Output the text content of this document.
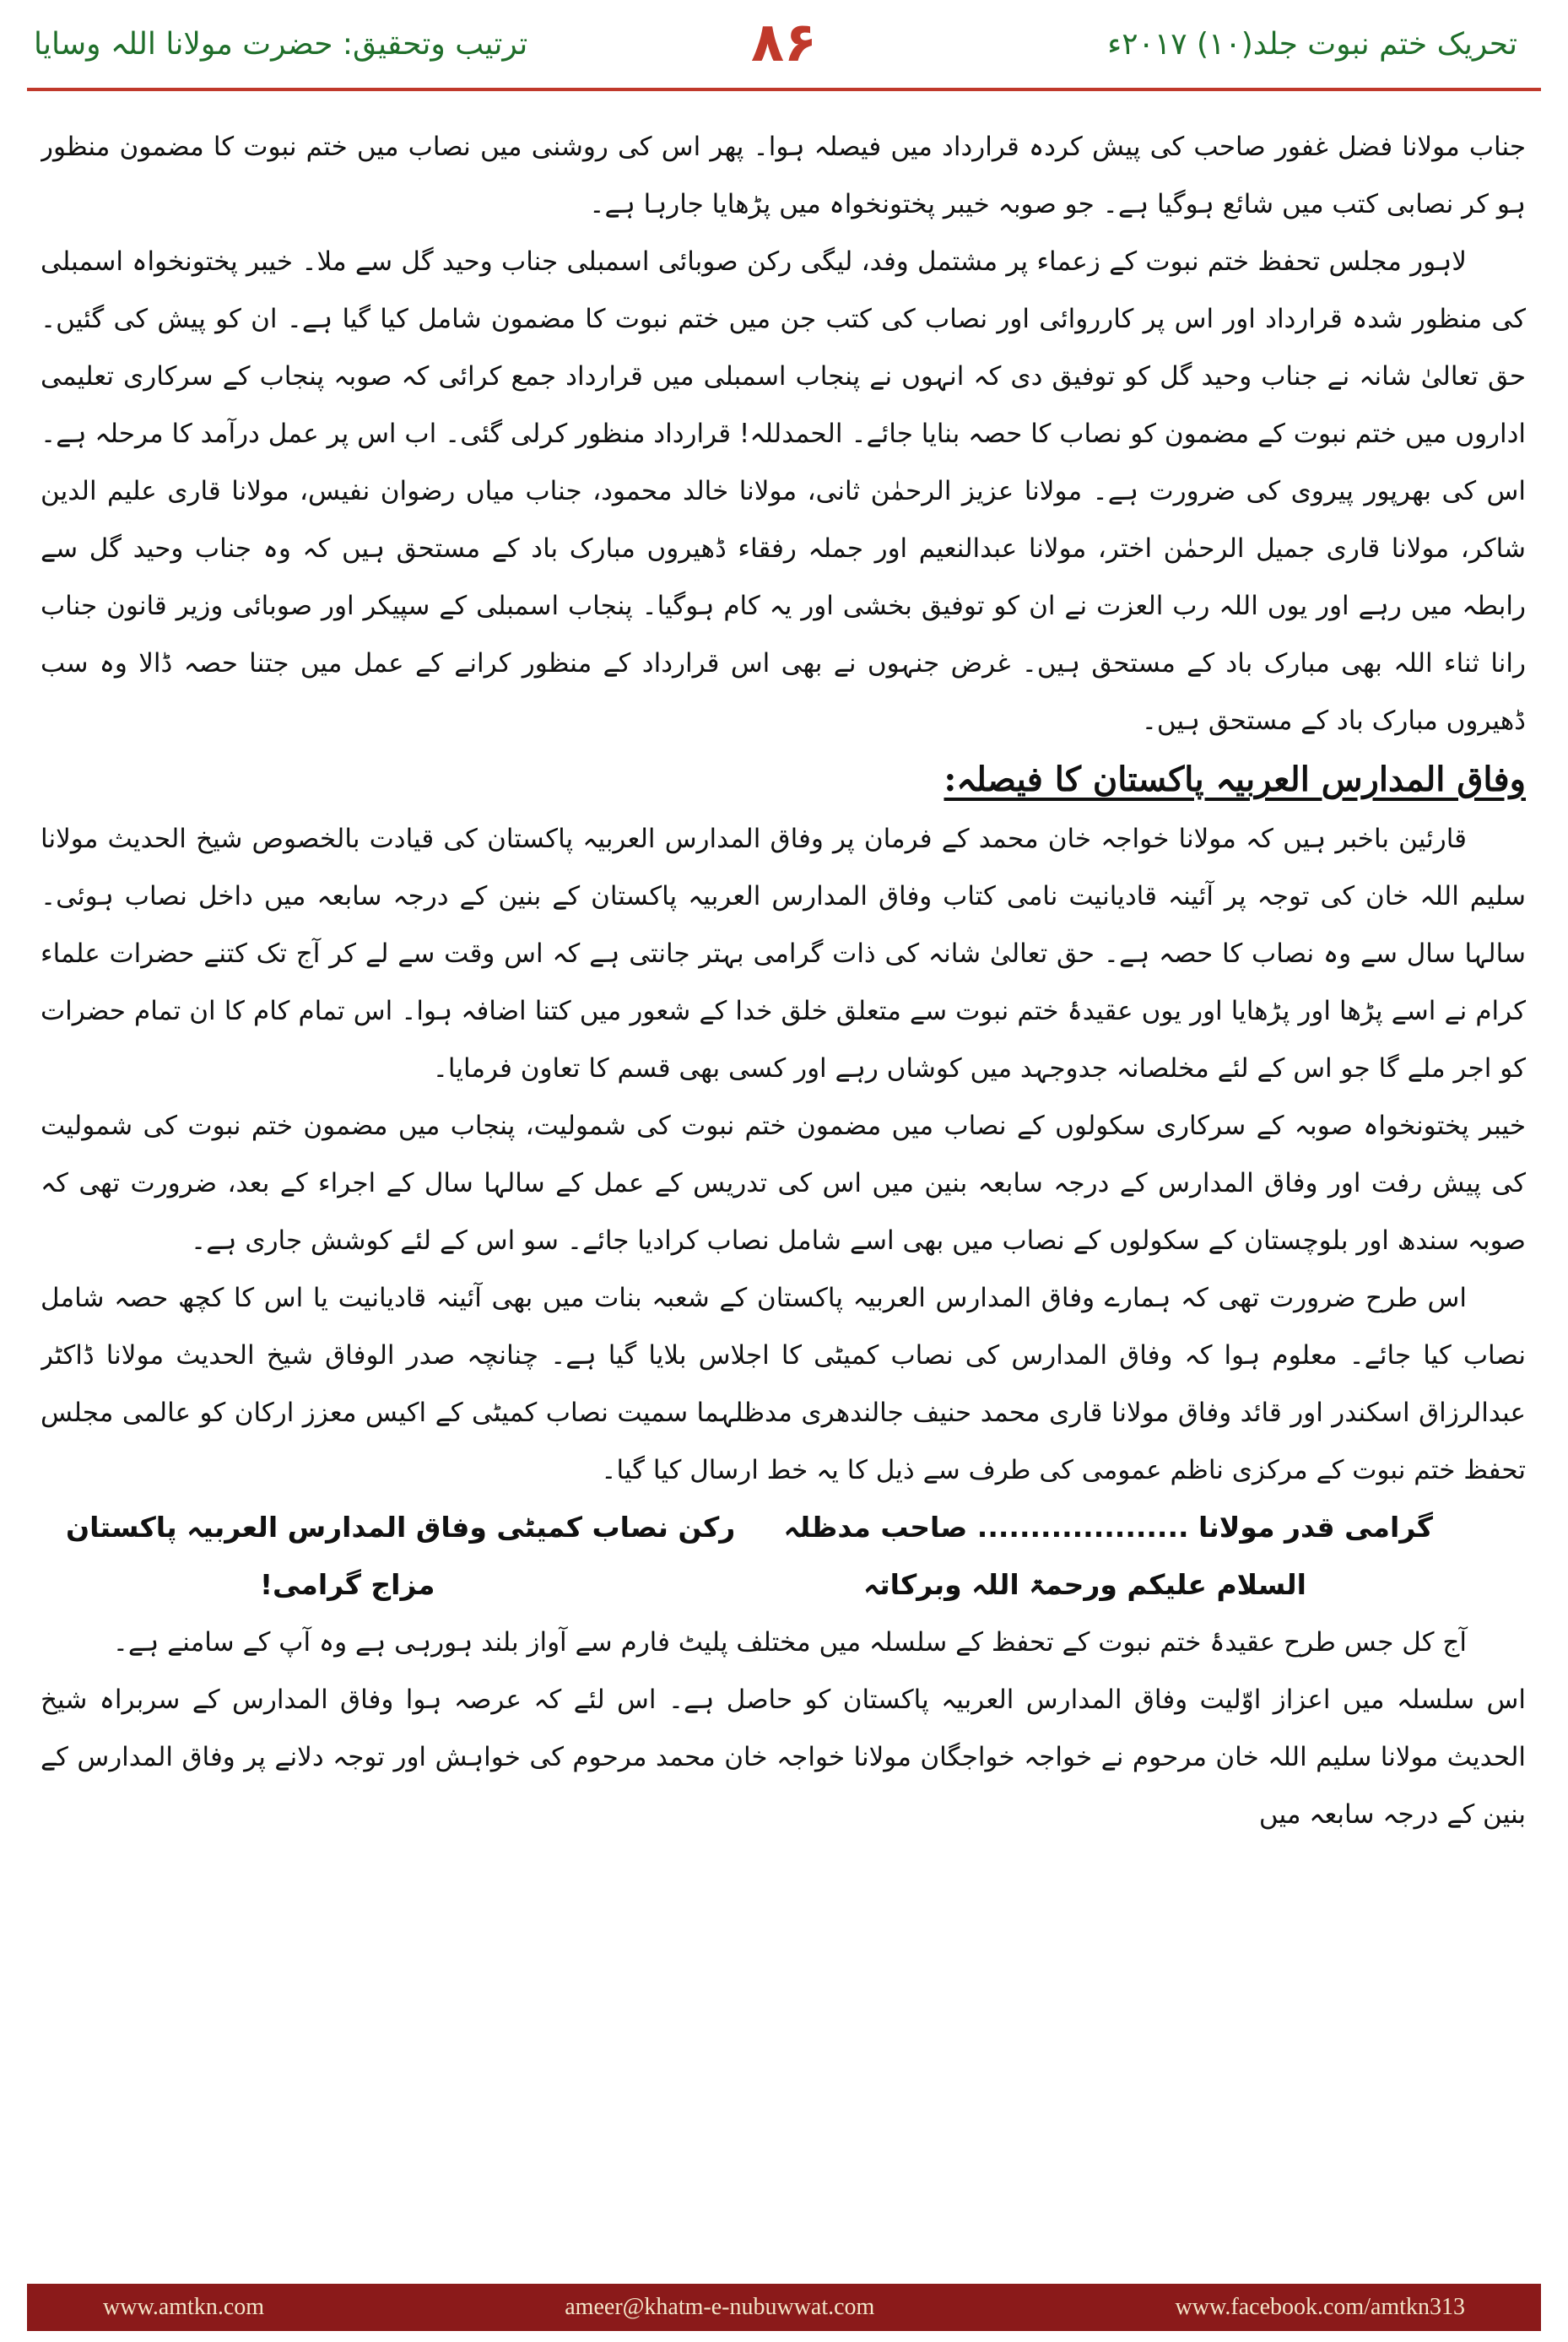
ترتیب وتحقیق: حضرت مولانا اللہ وسایا	۸۶	تحریک ختم نبوت جلد(۱۰) ۲۰۱۷ء

جناب مولانا فضل غفور صاحب کی پیش کردہ قرارداد میں فیصلہ ہوا۔ پھر اس کی روشنی میں نصاب میں ختم نبوت کا مضمون منظور ہو کر نصابی کتب میں شائع ہوگیا ہے۔ جو صوبہ خیبر پختونخواہ میں پڑھایا جارہا ہے۔

لاہور مجلس تحفظ ختم نبوت کے زعماء پر مشتمل وفد، لیگی رکن صوبائی اسمبلی جناب وحید گل سے ملا۔ خیبر پختونخواہ اسمبلی کی منظور شدہ قرارداد اور اس پر کارروائی اور نصاب کی کتب جن میں ختم نبوت کا مضمون شامل کیا گیا ہے۔ ان کو پیش کی گئیں۔ حق تعالیٰ شانہ نے جناب وحید گل کو توفیق دی کہ انہوں نے پنجاب اسمبلی میں قرارداد جمع کرائی کہ صوبہ پنجاب کے سرکاری تعلیمی اداروں میں ختم نبوت کے مضمون کو نصاب کا حصہ بنایا جائے۔ الحمدللہ! قرارداد منظور کرلی گئی۔ اب اس پر عمل درآمد کا مرحلہ ہے۔ اس کی بھرپور پیروی کی ضرورت ہے۔ مولانا عزیز الرحمٰن ثانی، مولانا خالد محمود، جناب میاں رضوان نفیس، مولانا قاری علیم الدین شاکر، مولانا قاری جمیل الرحمٰن اختر، مولانا عبدالنعیم اور جملہ رفقاء ڈھیروں مبارک باد کے مستحق ہیں کہ وہ جناب وحید گل سے رابطہ میں رہے اور یوں اللہ رب العزت نے ان کو توفیق بخشی اور یہ کام ہوگیا۔ پنجاب اسمبلی کے سپیکر اور صوبائی وزیر قانون جناب رانا ثناء اللہ بھی مبارک باد کے مستحق ہیں۔ غرض جنہوں نے بھی اس قرارداد کے منظور کرانے کے عمل میں جتنا حصہ ڈالا وہ سب ڈھیروں مبارک باد کے مستحق ہیں۔

وفاق المدارس العربیہ پاکستان کا فیصلہ:

قارئین باخبر ہیں کہ مولانا خواجہ خان محمد کے فرمان پر وفاق المدارس العربیہ پاکستان کی قیادت بالخصوص شیخ الحدیث مولانا سلیم اللہ خان کی توجہ پر آئینہ قادیانیت نامی کتاب وفاق المدارس العربیہ پاکستان کے بنین کے درجہ سابعہ میں داخل نصاب ہوئی۔ سالہا سال سے وہ نصاب کا حصہ ہے۔ حق تعالیٰ شانہ کی ذات گرامی بہتر جانتی ہے کہ اس وقت سے لے کر آج تک کتنے حضرات علماء کرام نے اسے پڑھا اور پڑھایا اور یوں عقیدۂ ختم نبوت سے متعلق خلق خدا کے شعور میں کتنا اضافہ ہوا۔ اس تمام کام کا ان تمام حضرات کو اجر ملے گا جو اس کے لئے مخلصانہ جدوجہد میں کوشاں رہے اور کسی بھی قسم کا تعاون فرمایا۔

خیبر پختونخواہ صوبہ کے سرکاری سکولوں کے نصاب میں مضمون ختم نبوت کی شمولیت، پنجاب میں مضمون ختم نبوت کی شمولیت کی پیش رفت اور وفاق المدارس کے درجہ سابعہ بنین میں اس کی تدریس کے عمل کے سالہا سال کے اجراء کے بعد، ضرورت تھی کہ صوبہ سندھ اور بلوچستان کے سکولوں کے نصاب میں بھی اسے شامل نصاب کرادیا جائے۔ سو اس کے لئے کوشش جاری ہے۔

اس طرح ضرورت تھی کہ ہمارے وفاق المدارس العربیہ پاکستان کے شعبہ بنات میں بھی آئینہ قادیانیت یا اس کا کچھ حصہ شامل نصاب کیا جائے۔ معلوم ہوا کہ وفاق المدارس کی نصاب کمیٹی کا اجلاس بلایا گیا ہے۔ چنانچہ صدر الوفاق شیخ الحدیث مولانا ڈاکٹر عبدالرزاق اسکندر اور قائد وفاق مولانا قاری محمد حنیف جالندھری مدظلہما سمیت نصاب کمیٹی کے اکیس معزز ارکان کو عالمی مجلس تحفظ ختم نبوت کے مرکزی ناظم عمومی کی طرف سے ذیل کا یہ خط ارسال کیا گیا۔

گرامی قدر مولانا .................... صاحب مدظلہ
رکن نصاب کمیٹی وفاق المدارس العربیہ پاکستان
السلام علیکم ورحمۃ اللہ وبرکاتہ
مزاج گرامی!

آج کل جس طرح عقیدۂ ختم نبوت کے تحفظ کے سلسلہ میں مختلف پلیٹ فارم سے آواز بلند ہورہی ہے وہ آپ کے سامنے ہے۔

اس سلسلہ میں اعزاز اوّلیت وفاق المدارس العربیہ پاکستان کو حاصل ہے۔ اس لئے کہ عرصہ ہوا وفاق المدارس کے سربراہ شیخ الحدیث مولانا سلیم اللہ خان مرحوم نے خواجہ خواجگان مولانا خواجہ خان محمد مرحوم کی خواہش اور توجہ دلانے پر وفاق المدارس کے بنین کے درجہ سابعہ میں

www.amtkn.com	ameer@khatm-e-nubuwwat.com	www.facebook.com/amtkn313
